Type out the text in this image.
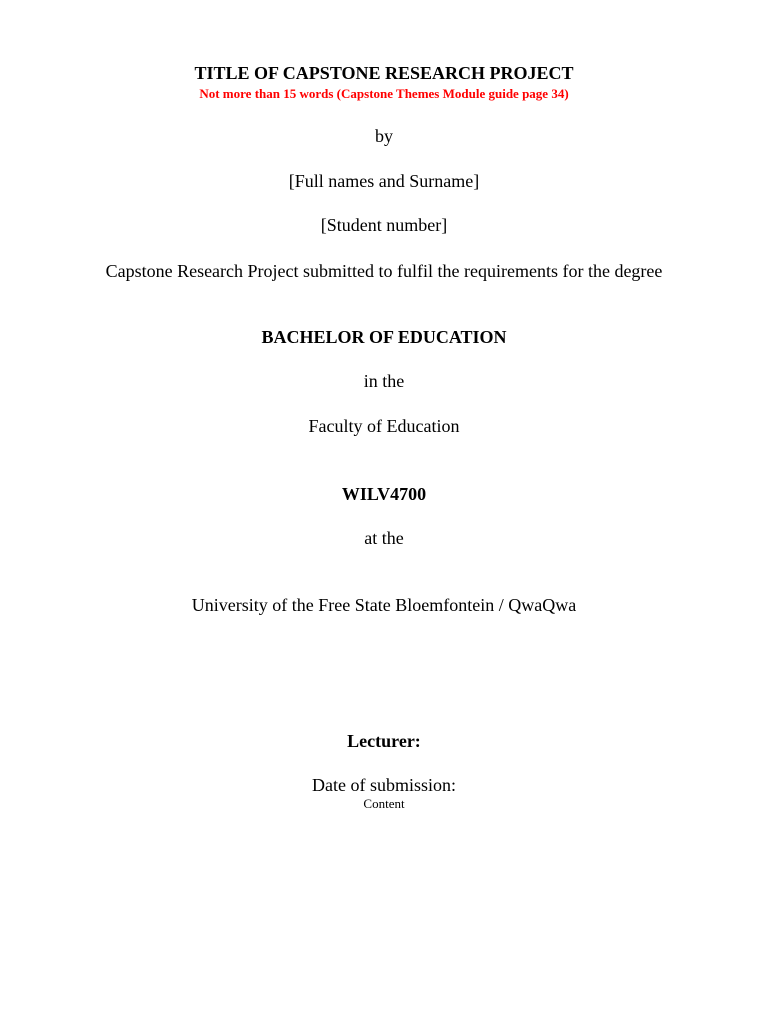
TITLE OF CAPSTONE RESEARCH PROJECT
Not more than 15 words (Capstone Themes Module guide page 34)
by
[Full names and Surname]
[Student number]
Capstone Research Project submitted to fulfil the requirements for the degree
BACHELOR OF EDUCATION
in the
Faculty of Education
WILV4700
at the
University of the Free State Bloemfontein / QwaQwa
Lecturer:
Date of submission:
Content
